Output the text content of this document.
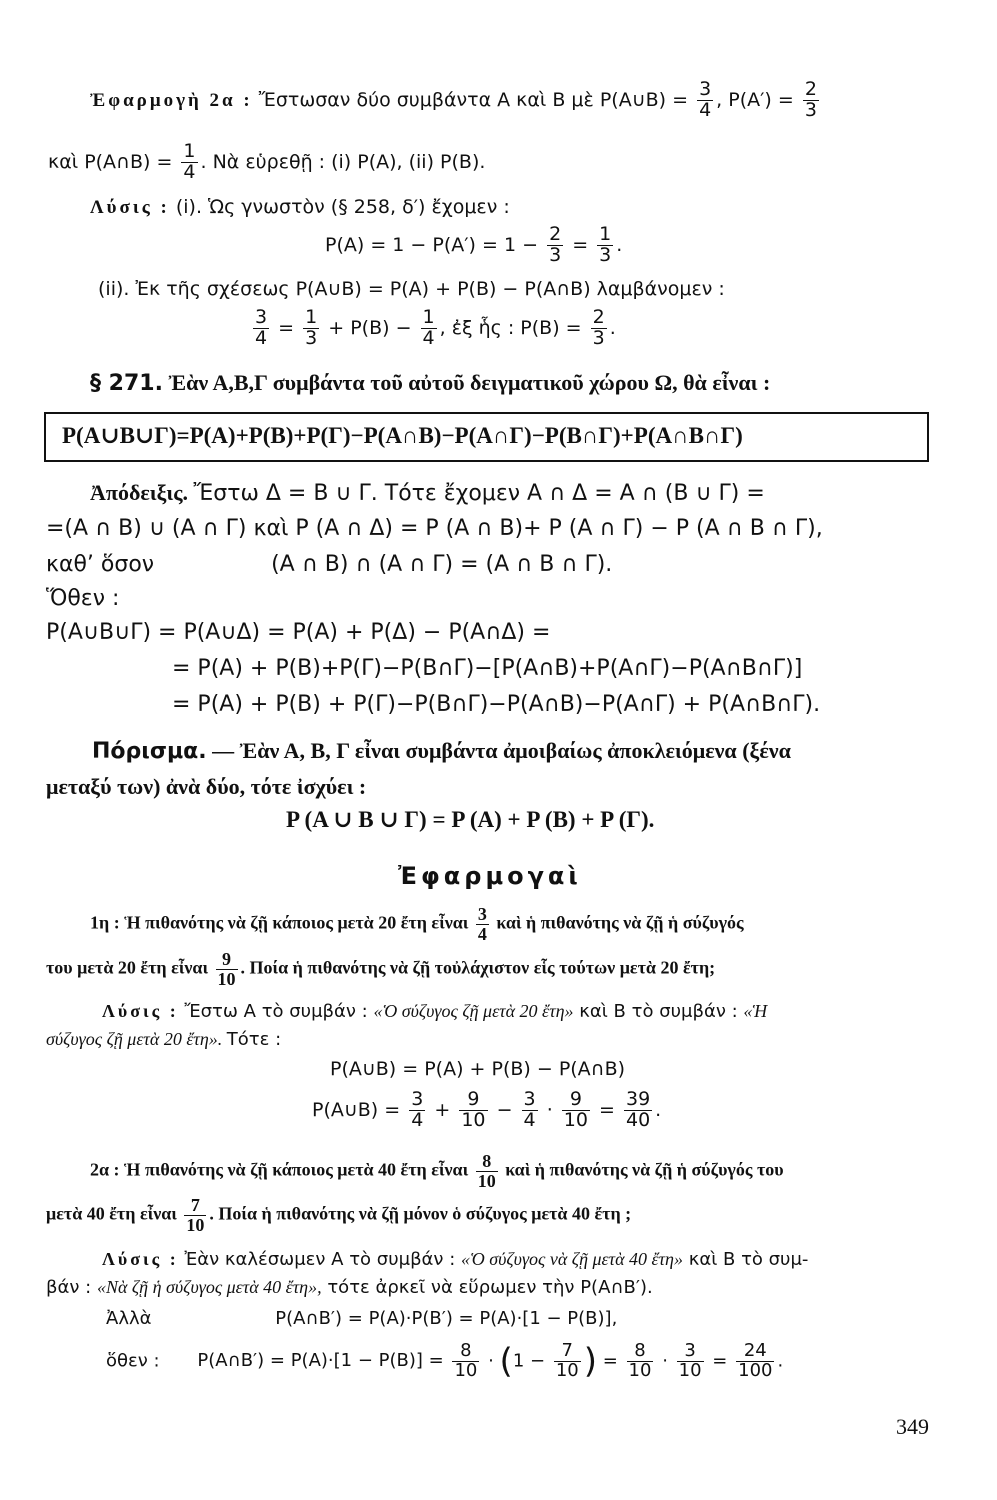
Ἐφαρμογὴ 2α : Ἔστωσαν δύο συμβάντα Α καὶ Β μὲ Ρ(Α∪Β) = $\frac{3}{4}$ , $P(A') = \frac{2}{3}$
καὶ Ρ(Α∩Β) = $\frac{1}{4}$ . Νὰ εὑρεθῇ : (i) Ρ(Α), (ii) Ρ(Β).
Λύσις : (i). Ὡς γνωστὸν (§ 258, δ′) ἔχομεν :
$P(A) = 1 - P(A') = 1 - \frac{2}{3} = \frac{1}{3}$ .
(ii). Ἐκ τῆς σχέσεως Ρ(Α∪Β) = Ρ(Α) + Ρ(Β) − Ρ(Α∩Β) λαμβάνομεν :
$\frac{3}{4} = \frac{1}{3} + P(B) - \frac{1}{4}$ , ἐξ ἧς : $P(B) = \frac{2}{3}$ .
§ 271. Ἐὰν Α,Β,Γ συμβάντα τοῦ αὐτοῦ δειγματικοῦ χώρου Ω, θὰ εἶναι :
Ρ(Α∪Β∪Γ)=Ρ(Α)+Ρ(Β)+Ρ(Γ)−Ρ(Α∩Β)−Ρ(Α∩Γ)−Ρ(Β∩Γ)+Ρ(Α∩Β∩Γ)
Ἀπόδειξις. Ἔστω Δ = Β ∪ Γ. Τότε ἔχομεν Α ∩ Δ = Α ∩ (Β ∪ Γ) =
=(Α ∩ Β) ∪ (Α ∩ Γ) καὶ Ρ (Α ∩ Δ) = Ρ (Α ∩ Β)+ Ρ (Α ∩ Γ) − Ρ (Α ∩ Β ∩ Γ),
καθ’ ὅσον	(Α ∩ Β) ∩ (Α ∩ Γ) = (Α ∩ Β ∩ Γ).
Ὅθεν :
Ρ(Α∪Β∪Γ) = Ρ(Α∪Δ) = Ρ(Α) + Ρ(Δ) − Ρ(Α∩Δ) =
= Ρ(Α) + Ρ(Β)+Ρ(Γ)−Ρ(Β∩Γ)−[Ρ(Α∩Β)+Ρ(Α∩Γ)−Ρ(Α∩Β∩Γ)]
= Ρ(Α) + Ρ(Β) + Ρ(Γ)−Ρ(Β∩Γ)−Ρ(Α∩Β)−Ρ(Α∩Γ) + Ρ(Α∩Β∩Γ).
Πόρισμα. — Ἐὰν Α, Β, Γ εἶναι συμβάντα ἀμοιβαίως ἀποκλειόμενα (ξένα
μεταξύ των) ἀνὰ δύο, τότε ἰσχύει :
Ρ (Α ∪ Β ∪ Γ) = Ρ (Α) + Ρ (Β) + Ρ (Γ).
Ἐφαρμογαὶ
1η : Ἡ πιθανότης νὰ ζῇ κάποιος μετὰ 20 ἔτη εἶναι $\frac{3}{4}$ καὶ ἡ πιθανότης νὰ ζῇ ἡ σύζυγός
του μετὰ 20 ἔτη εἶναι $\frac{9}{10}$ . Ποία ἡ πιθανότης νὰ ζῇ τοὐλάχιστον εἷς τούτων μετὰ 20 ἔτη;
Λύσις : Ἔστω Α τὸ συμβάν : «Ὁ σύζυγος ζῇ μετὰ 20 ἔτη» καὶ Β τὸ συμβάν : «Ἡ
σύζυγος ζῇ μετὰ 20 ἔτη». Τότε :
Ρ(Α∪Β) = Ρ(Α) + Ρ(Β) − Ρ(Α∩Β)
Ρ(Α∪Β) = $\frac{3}{4} + \frac{9}{10} - \frac{3}{4} \cdot \frac{9}{10} = \frac{39}{40}$ .
2α : Ἡ πιθανότης νὰ ζῇ κάποιος μετὰ 40 ἔτη εἶναι $\frac{8}{10}$ καὶ ἡ πιθανότης νὰ ζῇ ἡ σύζυγός του
μετὰ 40 ἔτη εἶναι $\frac{7}{10}$ . Ποία ἡ πιθανότης νὰ ζῇ μόνον ὁ σύζυγος μετὰ 40 ἔτη ;
Λύσις : Ἐὰν καλέσωμεν Α τὸ συμβάν : «Ὁ σύζυγος νὰ ζῇ μετὰ 40 ἔτη» καὶ Β τὸ συμ-
βάν : «Νὰ ζῇ ἡ σύζυγος μετὰ 40 ἔτη», τότε ἀρκεῖ νὰ εὕρωμεν τὴν Ρ(Α∩Β′).
Ἀλλὰ	Ρ(Α∩Β′) = Ρ(Α)·Ρ(Β′) = Ρ(Α)·[1 − Ρ(Β)],
ὅθεν : Ρ(Α∩Β′) = $P(A)\cdot[1 - P(B)] = \frac{8}{10} \cdot (1 - \frac{7}{10}$ ) = $\frac{8}{10} \cdot \frac{3}{10} = \frac{24}{100}$ .
349
